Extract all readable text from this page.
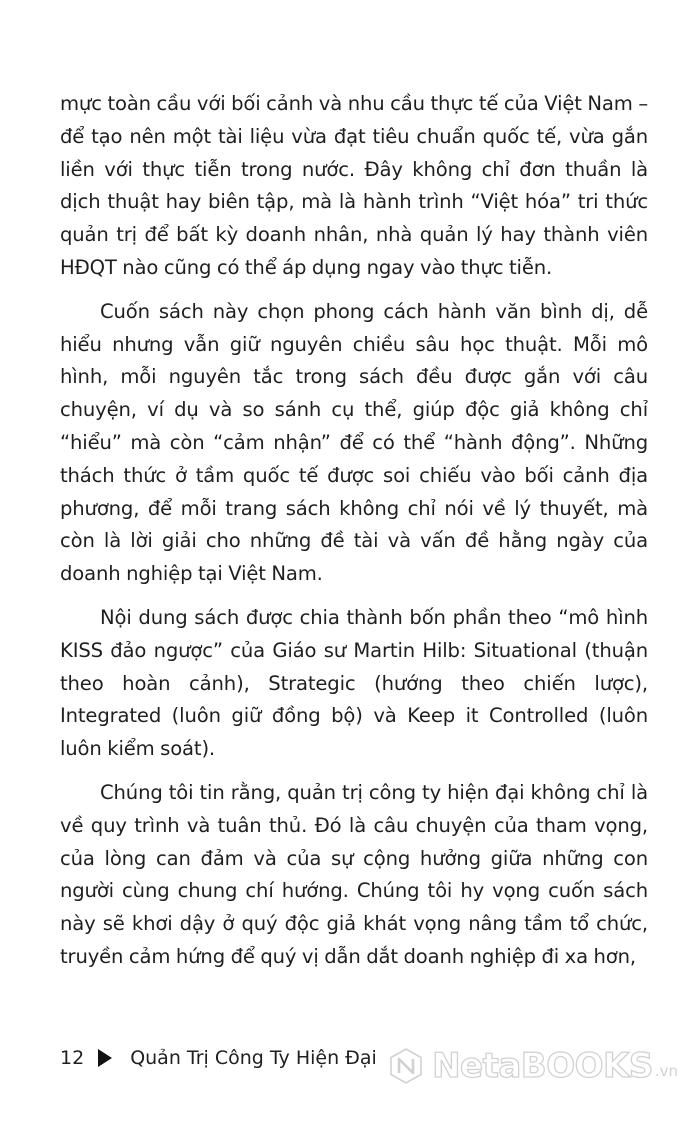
mực toàn cầu với bối cảnh và nhu cầu thực tế của Việt Nam – để tạo nên một tài liệu vừa đạt tiêu chuẩn quốc tế, vừa gắn liền với thực tiễn trong nước. Đây không chỉ đơn thuần là dịch thuật hay biên tập, mà là hành trình “Việt hóa” tri thức quản trị để bất kỳ doanh nhân, nhà quản lý hay thành viên HĐQT nào cũng có thể áp dụng ngay vào thực tiễn.

Cuốn sách này chọn phong cách hành văn bình dị, dễ hiểu nhưng vẫn giữ nguyên chiều sâu học thuật. Mỗi mô hình, mỗi nguyên tắc trong sách đều được gắn với câu chuyện, ví dụ và so sánh cụ thể, giúp độc giả không chỉ “hiểu” mà còn “cảm nhận” để có thể “hành động”. Những thách thức ở tầm quốc tế được soi chiếu vào bối cảnh địa phương, để mỗi trang sách không chỉ nói về lý thuyết, mà còn là lời giải cho những đề tài và vấn đề hằng ngày của doanh nghiệp tại Việt Nam.

Nội dung sách được chia thành bốn phần theo “mô hình KISS đảo ngược” của Giáo sư Martin Hilb: Situational (thuận theo hoàn cảnh), Strategic (hướng theo chiến lược), Integrated (luôn giữ đồng bộ) và Keep it Controlled (luôn luôn kiểm soát).

Chúng tôi tin rằng, quản trị công ty hiện đại không chỉ là về quy trình và tuân thủ. Đó là câu chuyện của tham vọng, của lòng can đảm và của sự cộng hưởng giữa những con người cùng chung chí hướng. Chúng tôi hy vọng cuốn sách này sẽ khơi dậy ở quý độc giả khát vọng nâng tầm tổ chức, truyền cảm hứng để quý vị dẫn dắt doanh nghiệp đi xa hơn,

12 Quản Trị Công Ty Hiện Đại NetaBOOKS .vn
